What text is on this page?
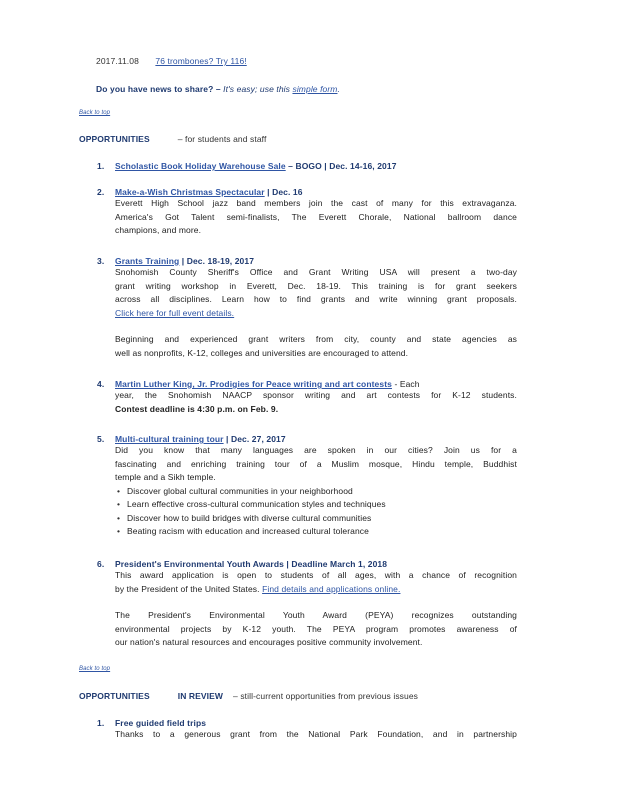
2017.11.08 76 trombones? Try 116!
Do you have news to share? – It's easy; use this simple form.
Back to top
OPPORTUNITIES	– for students and staff
1. Scholastic Book Holiday Warehouse Sale – BOGO | Dec. 14-16, 2017
2. Make-a-Wish Christmas Spectacular | Dec. 16

Everett High School jazz band members join the cast of many for this extravaganza.

America's Got Talent semi-finalists, The Everett Chorale, National ballroom dance

champions, and more.

3. Grants Training | Dec. 18-19, 2017

Snohomish County Sheriff's Office and Grant Writing USA will present a two-day

grant writing workshop in Everett, Dec. 18-19. This training is for grant seekers

across all disciplines. Learn how to find grants and write winning grant proposals.

Click here for full event details.

Beginning and experienced grant writers from city, county and state agencies as

well as nonprofits, K-12, colleges and universities are encouraged to attend.

4. Martin Luther King, Jr. Prodigies for Peace writing and art contests - Each

year, the Snohomish NAACP sponsor writing and art contests for K-12 students.

Contest deadline is 4:30 p.m. on Feb. 9.

5. Multi-cultural training tour | Dec. 27, 2017

Did you know that many languages are spoken in our cities? Join us for a

fascinating and enriching training tour of a Muslim mosque, Hindu temple, Buddhist

temple and a Sikh temple.

• Discover global cultural communities in your neighborhood
• Learn effective cross-cultural communication styles and techniques
• Discover how to build bridges with diverse cultural communities
• Beating racism with education and increased cultural tolerance
6. President's Environmental Youth Awards | Deadline March 1, 2018

This award application is open to students of all ages, with a chance of recognition

by the President of the United States. Find details and applications online.

The President's Environmental Youth Award (PEYA) recognizes outstanding

environmental projects by K-12 youth. The PEYA program promotes awareness of

our nation's natural resources and encourages positive community involvement.

Back to top
OPPORTUNITIES	IN REVIEW – still-current opportunities from previous issues
1. Free guided field trips

Thanks to a generous grant from the National Park Foundation, and in partnership
